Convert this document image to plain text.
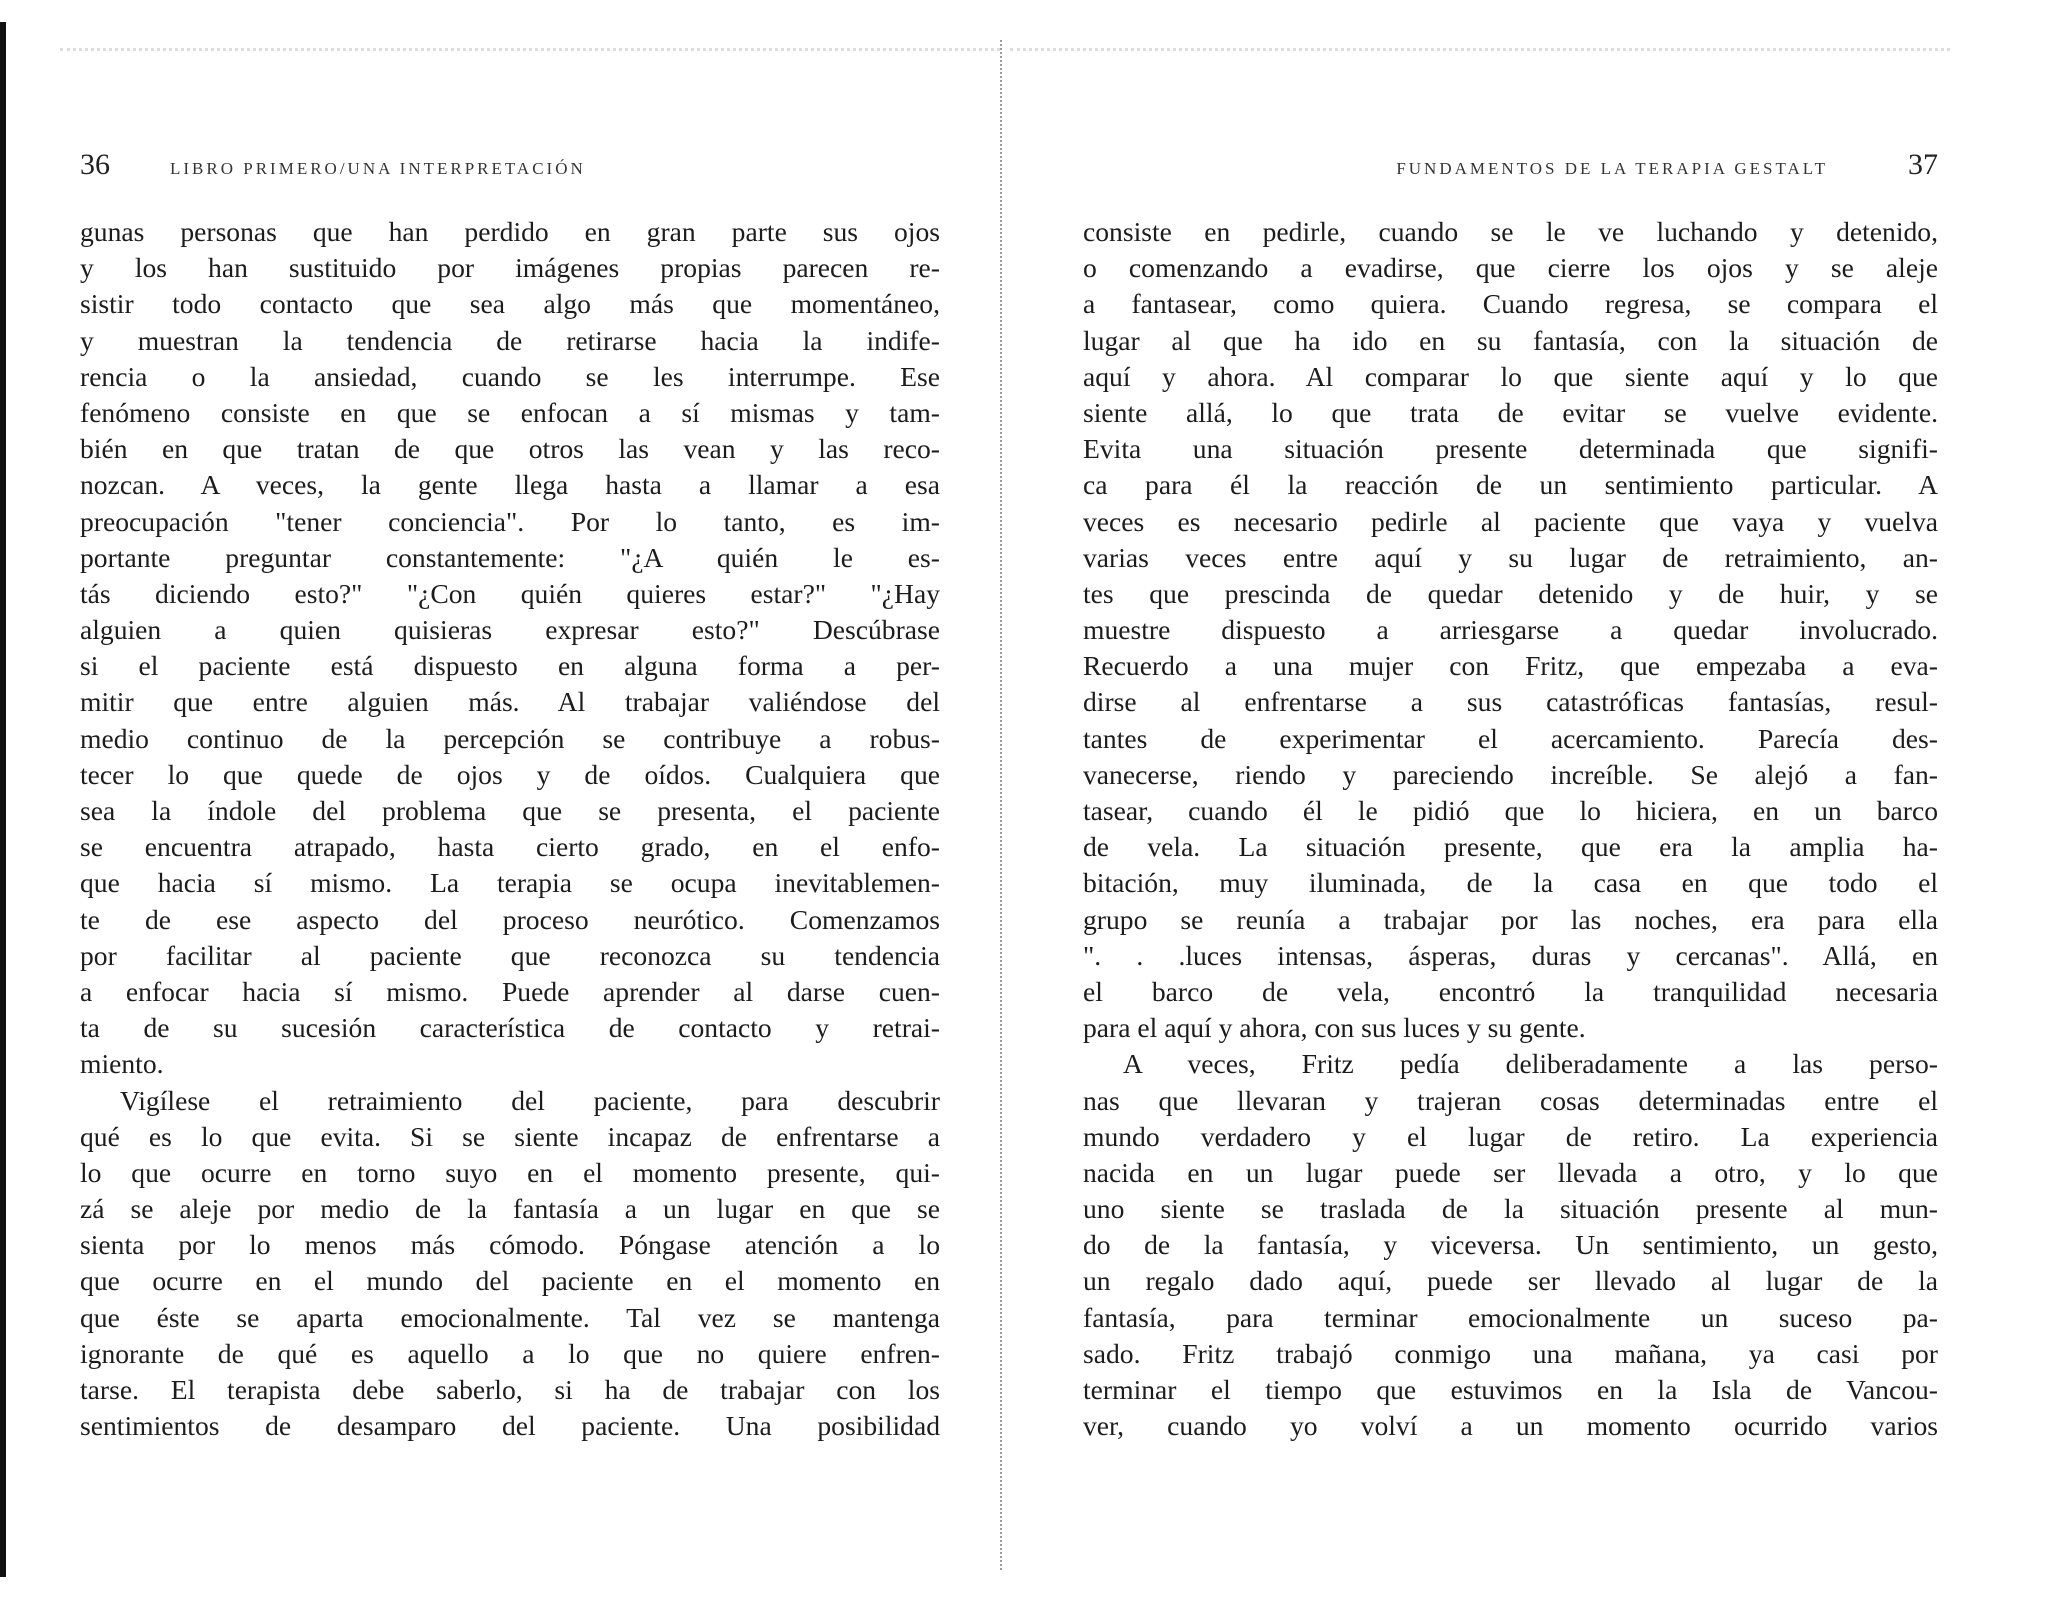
36	LIBRO PRIMERO/UNA INTERPRETACIÓN
gunas personas que han perdido en gran parte sus ojos
y los han sustituido por imágenes propias parecen re-
sistir todo contacto que sea algo más que momentáneo,
y muestran la tendencia de retirarse hacia la indife-
rencia o la ansiedad, cuando se les interrumpe. Ese
fenómeno consiste en que se enfocan a sí mismas y tam-
bién en que tratan de que otros las vean y las reco-
nozcan. A veces, la gente llega hasta a llamar a esa
preocupación "tener conciencia". Por lo tanto, es im-
portante preguntar constantemente: "¿A quién le es-
tás diciendo esto?" "¿Con quién quieres estar?" "¿Hay
alguien a quien quisieras expresar esto?" Descúbrase
si el paciente está dispuesto en alguna forma a per-
mitir que entre alguien más. Al trabajar valiéndose del
medio continuo de la percepción se contribuye a robus-
tecer lo que quede de ojos y de oídos. Cualquiera que
sea la índole del problema que se presenta, el paciente
se encuentra atrapado, hasta cierto grado, en el enfo-
que hacia sí mismo. La terapia se ocupa inevitablemen-
te de ese aspecto del proceso neurótico. Comenzamos
por facilitar al paciente que reconozca su tendencia
a enfocar hacia sí mismo. Puede aprender al darse cuen-
ta de su sucesión característica de contacto y retrai-
miento.
Vigílese el retraimiento del paciente, para descubrir
qué es lo que evita. Si se siente incapaz de enfrentarse a
lo que ocurre en torno suyo en el momento presente, qui-
zá se aleje por medio de la fantasía a un lugar en que se
sienta por lo menos más cómodo. Póngase atención a lo
que ocurre en el mundo del paciente en el momento en
que éste se aparta emocionalmente. Tal vez se mantenga
ignorante de qué es aquello a lo que no quiere enfren-
tarse. El terapista debe saberlo, si ha de trabajar con los
sentimientos de desamparo del paciente. Una posibilidad
FUNDAMENTOS DE LA TERAPIA GESTALT	37
consiste en pedirle, cuando se le ve luchando y detenido,
o comenzando a evadirse, que cierre los ojos y se aleje
a fantasear, como quiera. Cuando regresa, se compara el
lugar al que ha ido en su fantasía, con la situación de
aquí y ahora. Al comparar lo que siente aquí y lo que
siente allá, lo que trata de evitar se vuelve evidente.
Evita una situación presente determinada que signifi-
ca para él la reacción de un sentimiento particular. A
veces es necesario pedirle al paciente que vaya y vuelva
varias veces entre aquí y su lugar de retraimiento, an-
tes que prescinda de quedar detenido y de huir, y se
muestre dispuesto a arriesgarse a quedar involucrado.
Recuerdo a una mujer con Fritz, que empezaba a eva-
dirse al enfrentarse a sus catastróficas fantasías, resul-
tantes de experimentar el acercamiento. Parecía des-
vanecerse, riendo y pareciendo increíble. Se alejó a fan-
tasear, cuando él le pidió que lo hiciera, en un barco
de vela. La situación presente, que era la amplia ha-
bitación, muy iluminada, de la casa en que todo el
grupo se reunía a trabajar por las noches, era para ella
". . .luces intensas, ásperas, duras y cercanas". Allá, en
el barco de vela, encontró la tranquilidad necesaria
para el aquí y ahora, con sus luces y su gente.
A veces, Fritz pedía deliberadamente a las perso-
nas que llevaran y trajeran cosas determinadas entre el
mundo verdadero y el lugar de retiro. La experiencia
nacida en un lugar puede ser llevada a otro, y lo que
uno siente se traslada de la situación presente al mun-
do de la fantasía, y viceversa. Un sentimiento, un gesto,
un regalo dado aquí, puede ser llevado al lugar de la
fantasía, para terminar emocionalmente un suceso pa-
sado. Fritz trabajó conmigo una mañana, ya casi por
terminar el tiempo que estuvimos en la Isla de Vancou-
ver, cuando yo volví a un momento ocurrido varios
